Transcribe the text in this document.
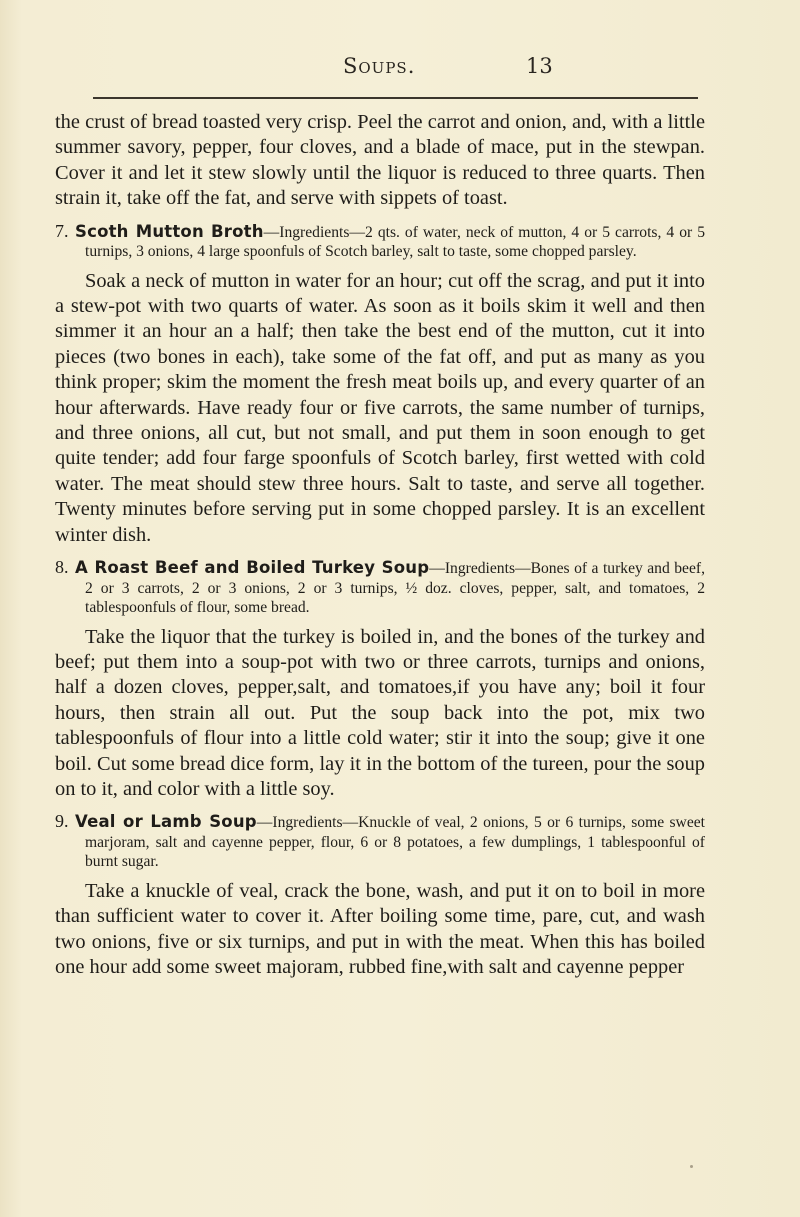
Soups.	13

the crust of bread toasted very crisp. Peel the carrot and onion, and, with a little summer savory, pepper, four cloves, and a blade of mace, put in the stewpan. Cover it and let it stew slowly until the liquor is reduced to three quarts. Then strain it, take off the fat, and serve with sippets of toast.

7. Scoth Mutton Broth—Ingredients—2 qts. of water, neck of mutton, 4 or 5 carrots, 4 or 5 turnips, 3 onions, 4 large spoonfuls of Scotch barley, salt to taste, some chopped parsley.

Soak a neck of mutton in water for an hour; cut off the scrag, and put it into a stew-pot with two quarts of water. As soon as it boils skim it well and then simmer it an hour an a half; then take the best end of the mutton, cut it into pieces (two bones in each), take some of the fat off, and put as many as you think proper; skim the moment the fresh meat boils up, and every quarter of an hour afterwards. Have ready four or five carrots, the same number of turnips, and three onions, all cut, but not small, and put them in soon enough to get quite tender; add four farge spoonfuls of Scotch barley, first wetted with cold water. The meat should stew three hours. Salt to taste, and serve all together. Twenty minutes before serving put in some chopped parsley. It is an excellent winter dish.

8. A Roast Beef and Boiled Turkey Soup—Ingredients—Bones of a turkey and beef, 2 or 3 carrots, 2 or 3 onions, 2 or 3 turnips, ½ doz. cloves, pepper, salt, and tomatoes, 2 tablespoonfuls of flour, some bread.

Take the liquor that the turkey is boiled in, and the bones of the turkey and beef; put them into a soup-pot with two or three carrots, turnips and onions, half a dozen cloves, pepper,salt, and tomatoes,if you have any; boil it four hours, then strain all out. Put the soup back into the pot, mix two tablespoonfuls of flour into a little cold water; stir it into the soup; give it one boil. Cut some bread dice form, lay it in the bottom of the tureen, pour the soup on to it, and color with a little soy.

9. Veal or Lamb Soup—Ingredients—Knuckle of veal, 2 onions, 5 or 6 turnips, some sweet marjoram, salt and cayenne pepper, flour, 6 or 8 potatoes, a few dumplings, 1 tablespoonful of burnt sugar.

Take a knuckle of veal, crack the bone, wash, and put it on to boil in more than sufficient water to cover it. After boiling some time, pare, cut, and wash two onions, five or six turnips, and put in with the meat. When this has boiled one hour add some sweet majoram, rubbed fine,with salt and cayenne pepper
